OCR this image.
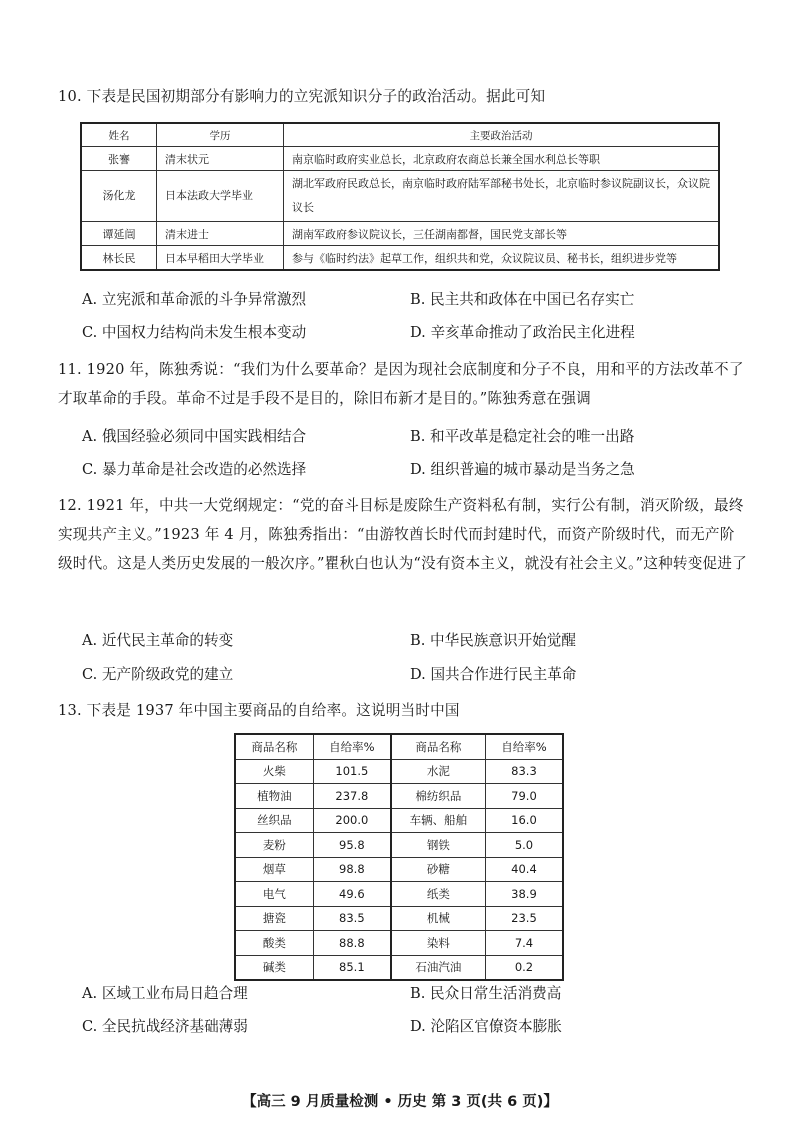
10. 下表是民国初期部分有影响力的立宪派知识分子的政治活动。据此可知
姓名	学历	主要政治活动
张謇	清末状元	南京临时政府实业总长，北京政府农商总长兼全国水利总长等职
汤化龙	日本法政大学毕业	湖北军政府民政总长，南京临时政府陆军部秘书处长，北京临时参议院副议长，众议院议长
谭延闿	清末进士	湖南军政府参议院议长，三任湖南都督，国民党支部长等
林长民	日本早稻田大学毕业	参与《临时约法》起草工作，组织共和党，众议院议员、秘书长，组织进步党等
A. 立宪派和革命派的斗争异常激烈	B. 民主共和政体在中国已名存实亡
C. 中国权力结构尚未发生根本变动	D. 辛亥革命推动了政治民主化进程
11. 1920 年，陈独秀说：“我们为什么要革命？是因为现社会底制度和分子不良，用和平的方法改革不了才取革命的手段。革命不过是手段不是目的，除旧布新才是目的。”陈独秀意在强调
A. 俄国经验必须同中国实践相结合	B. 和平改革是稳定社会的唯一出路
C. 暴力革命是社会改造的必然选择	D. 组织普遍的城市暴动是当务之急
12. 1921 年，中共一大党纲规定：“党的奋斗目标是废除生产资料私有制，实行公有制，消灭阶级，最终实现共产主义。”1923 年 4 月，陈独秀指出：“由游牧酋长时代而封建时代，而资产阶级时代，而无产阶级时代。这是人类历史发展的一般次序。”瞿秋白也认为“没有资本主义，就没有社会主义。”这种转变促进了
A. 近代民主革命的转变	B. 中华民族意识开始觉醒
C. 无产阶级政党的建立	D. 国共合作进行民主革命
13. 下表是 1937 年中国主要商品的自给率。这说明当时中国
商品名称	自给率%	商品名称	自给率%
火柴	101.5	水泥	83.3
植物油	237.8	棉纺织品	79.0
丝织品	200.0	车辆、船舶	16.0
麦粉	95.8	钢铁	5.0
烟草	98.8	砂糖	40.4
电气	49.6	纸类	38.9
搪瓷	83.5	机械	23.5
酸类	88.8	染料	7.4
碱类	85.1	石油汽油	0.2
A. 区域工业布局日趋合理	B. 民众日常生活消费高
C. 全民抗战经济基础薄弱	D. 沦陷区官僚资本膨胀
【高三 9 月质量检测 • 历史 第 3 页(共 6 页)】
